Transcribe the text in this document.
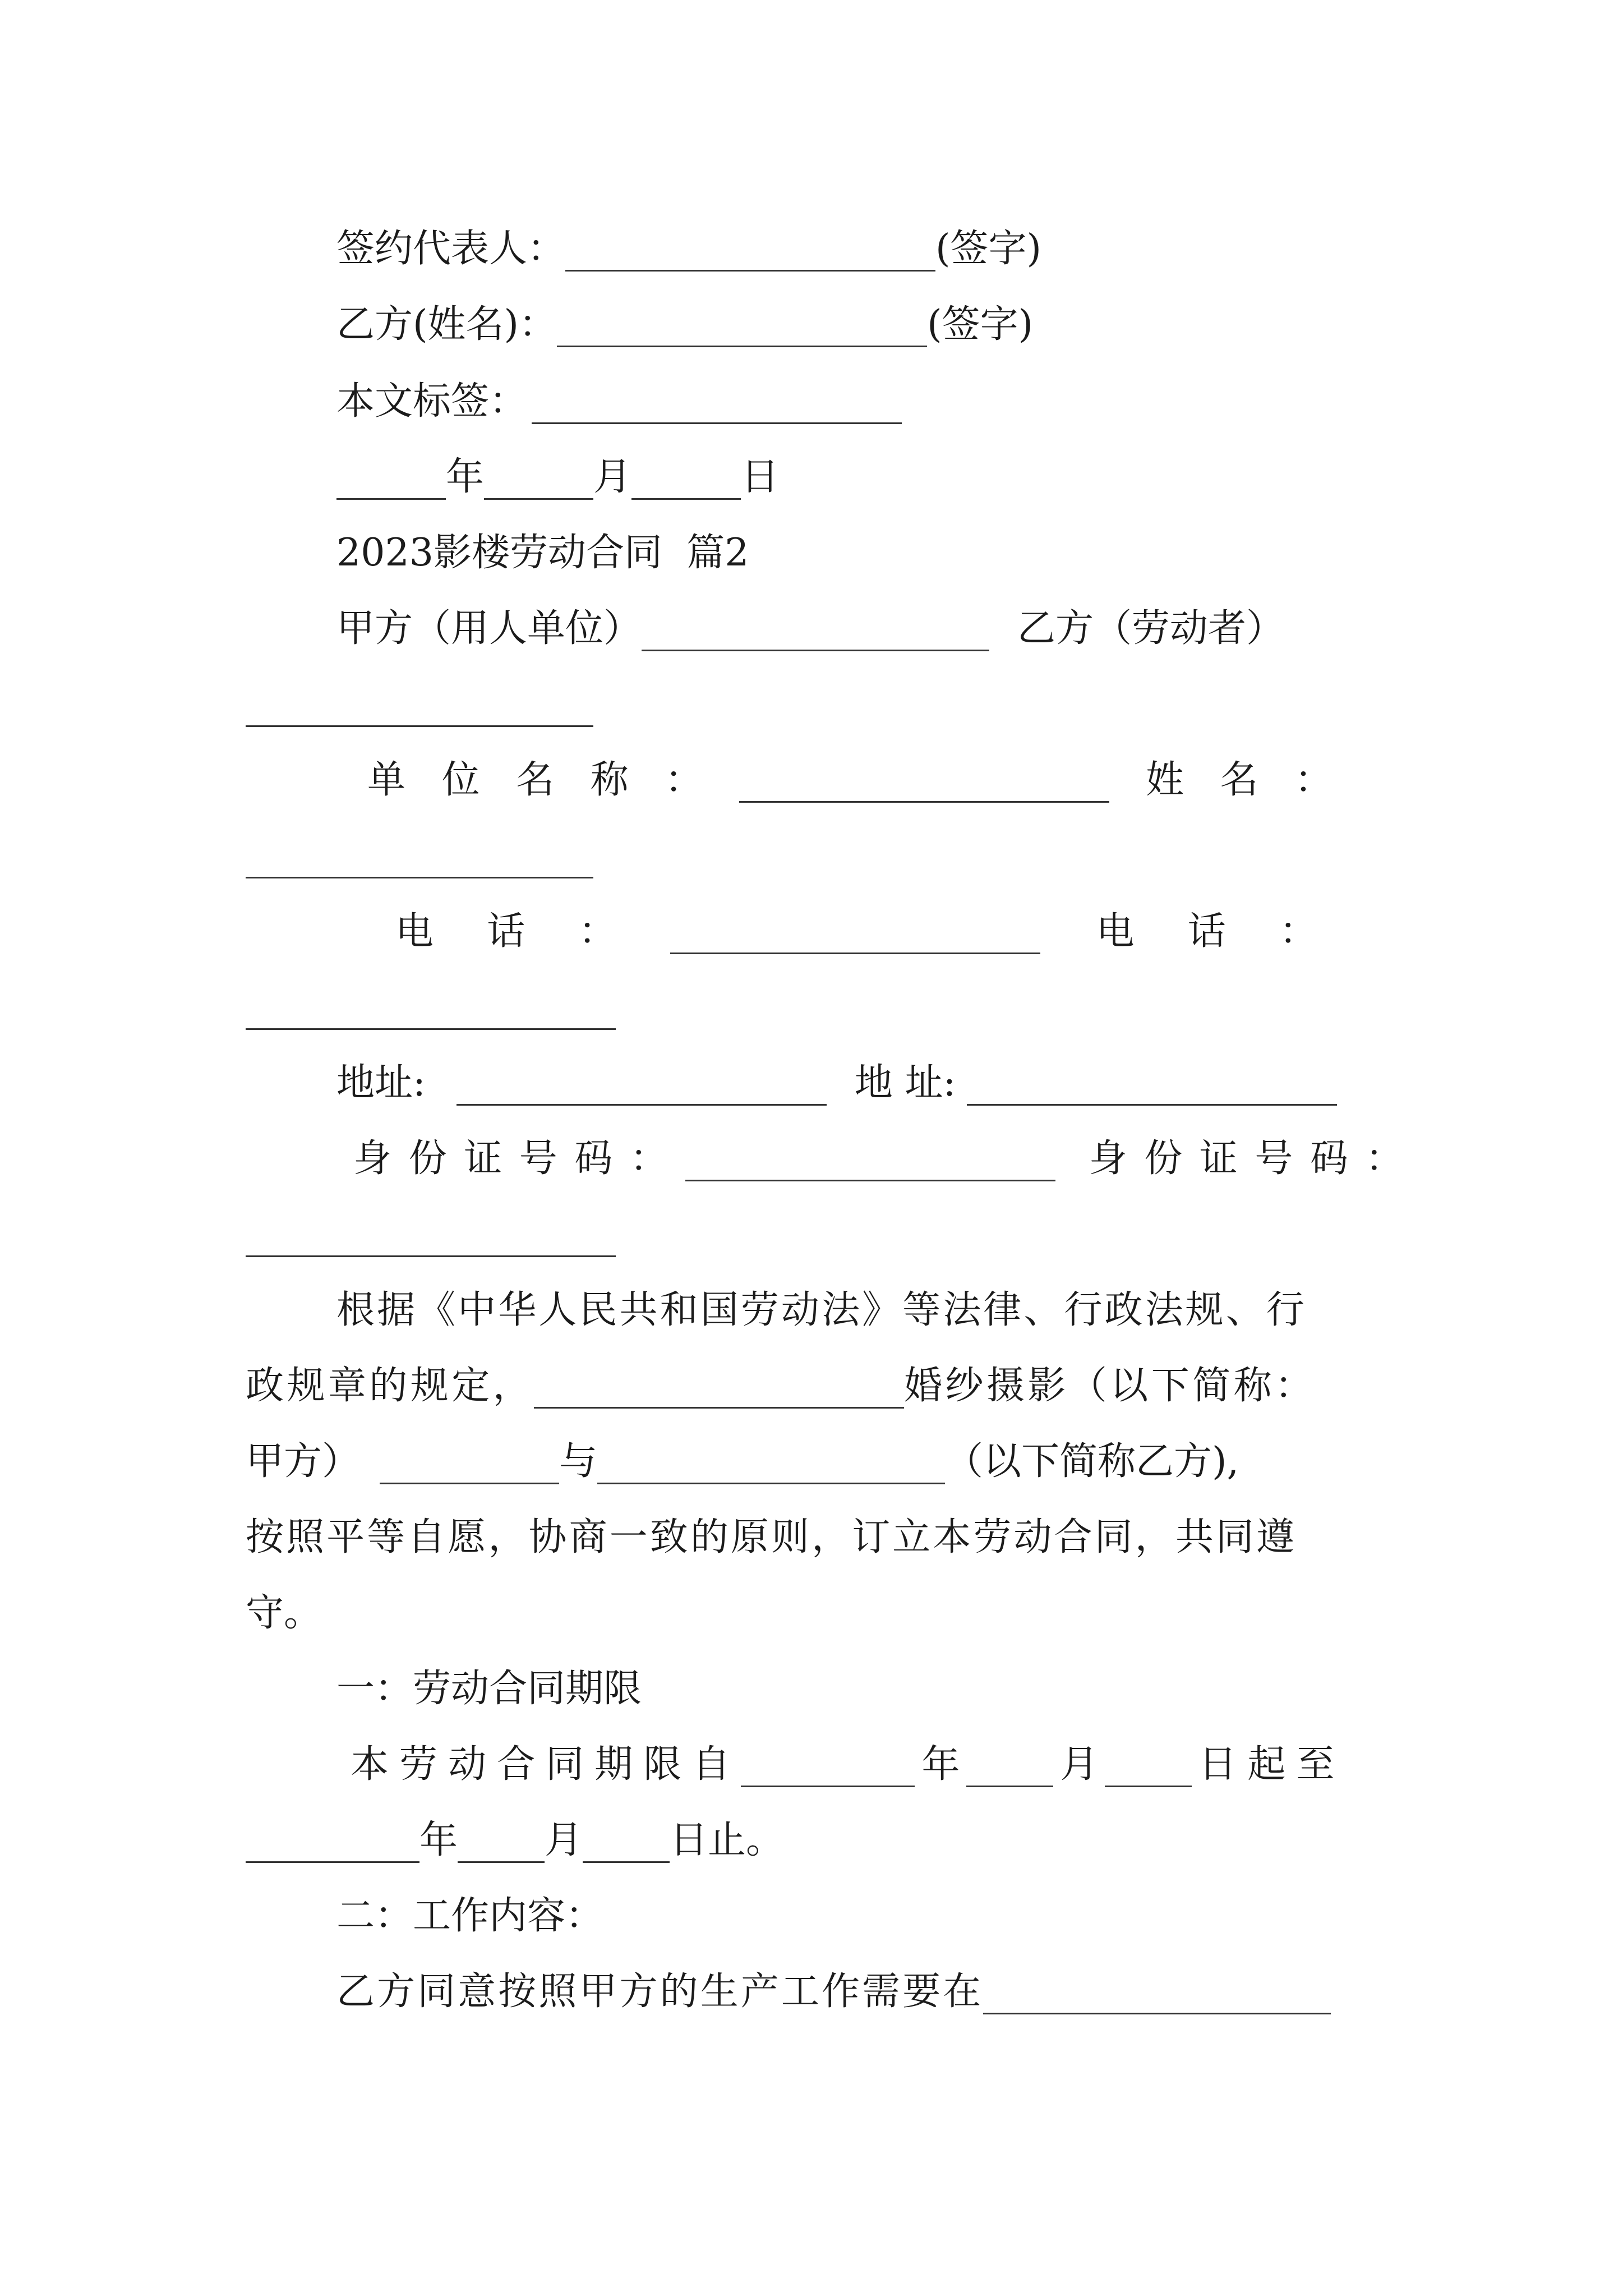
签约代表人：	(签字)
乙方(姓名)：	(签字)
本文标签：
年	月	日
2023影楼劳动合同  篇2
甲方（用人单位）	乙方（劳动者）
单位名称：	姓名：
电话：	电话：
地址:	地 址:
身份证号码：	身份证号码：
根据《中华人民共和国劳动法》等法律、行政法规、行
政规章的规定，	婚纱摄影（以下简称：
甲方）	与	（以下简称乙方),
按照平等自愿，协商一致的原则，订立本劳动合同，共同遵
守。
一：劳动合同期限
本劳动合同期限自	年	月	日起至
年 月 日止。
二：工作内容：
乙方同意按照甲方的生产工作需要在
